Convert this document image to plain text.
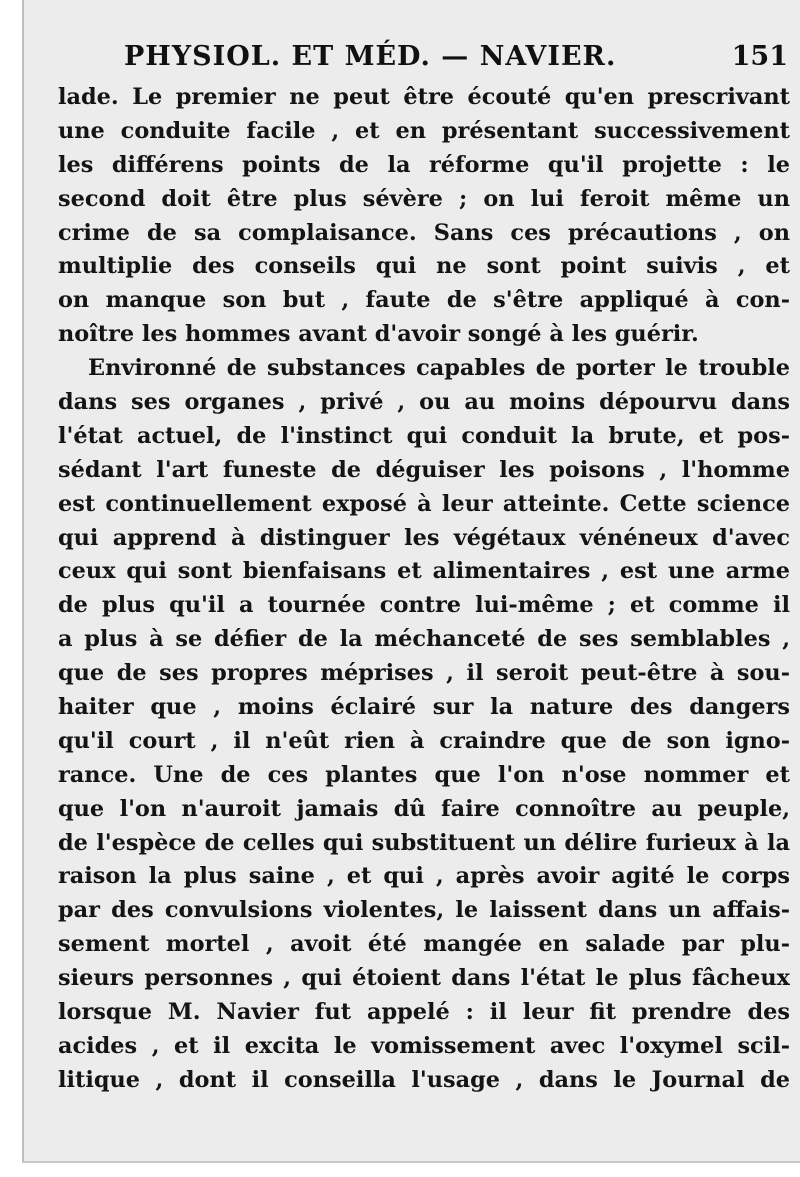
PHYSIOL. ET MÉD. — NAVIER.	151
lade. Le premier ne peut être écouté qu'en prescrivant
une conduite facile , et en présentant successivement
les différens points de la réforme qu'il projette : le
second doit être plus sévère ; on lui feroit même un
crime de sa complaisance. Sans ces précautions , on
multiplie des conseils qui ne sont point suivis , et
on manque son but , faute de s'être appliqué à con-
noître les hommes avant d'avoir songé à les guérir.
Environné de substances capables de porter le trouble
dans ses organes , privé , ou au moins dépourvu dans
l'état actuel, de l'instinct qui conduit la brute, et pos-
sédant l'art funeste de déguiser les poisons , l'homme
est continuellement exposé à leur atteinte. Cette science
qui apprend à distinguer les végétaux vénéneux d'avec
ceux qui sont bienfaisans et alimentaires , est une arme
de plus qu'il a tournée contre lui-même ; et comme il
a plus à se défier de la méchanceté de ses semblables ,
que de ses propres méprises , il seroit peut-être à sou-
haiter que , moins éclairé sur la nature des dangers
qu'il court , il n'eût rien à craindre que de son igno-
rance. Une de ces plantes que l'on n'ose nommer et
que l'on n'auroit jamais dû faire connoître au peuple,
de l'espèce de celles qui substituent un délire furieux à la
raison la plus saine , et qui , après avoir agité le corps
par des convulsions violentes, le laissent dans un affais-
sement mortel , avoit été mangée en salade par plu-
sieurs personnes , qui étoient dans l'état le plus fâcheux
lorsque M. Navier fut appelé : il leur fit prendre des
acides , et il excita le vomissement avec l'oxymel scil-
litique , dont il conseilla l'usage , dans le Journal de
